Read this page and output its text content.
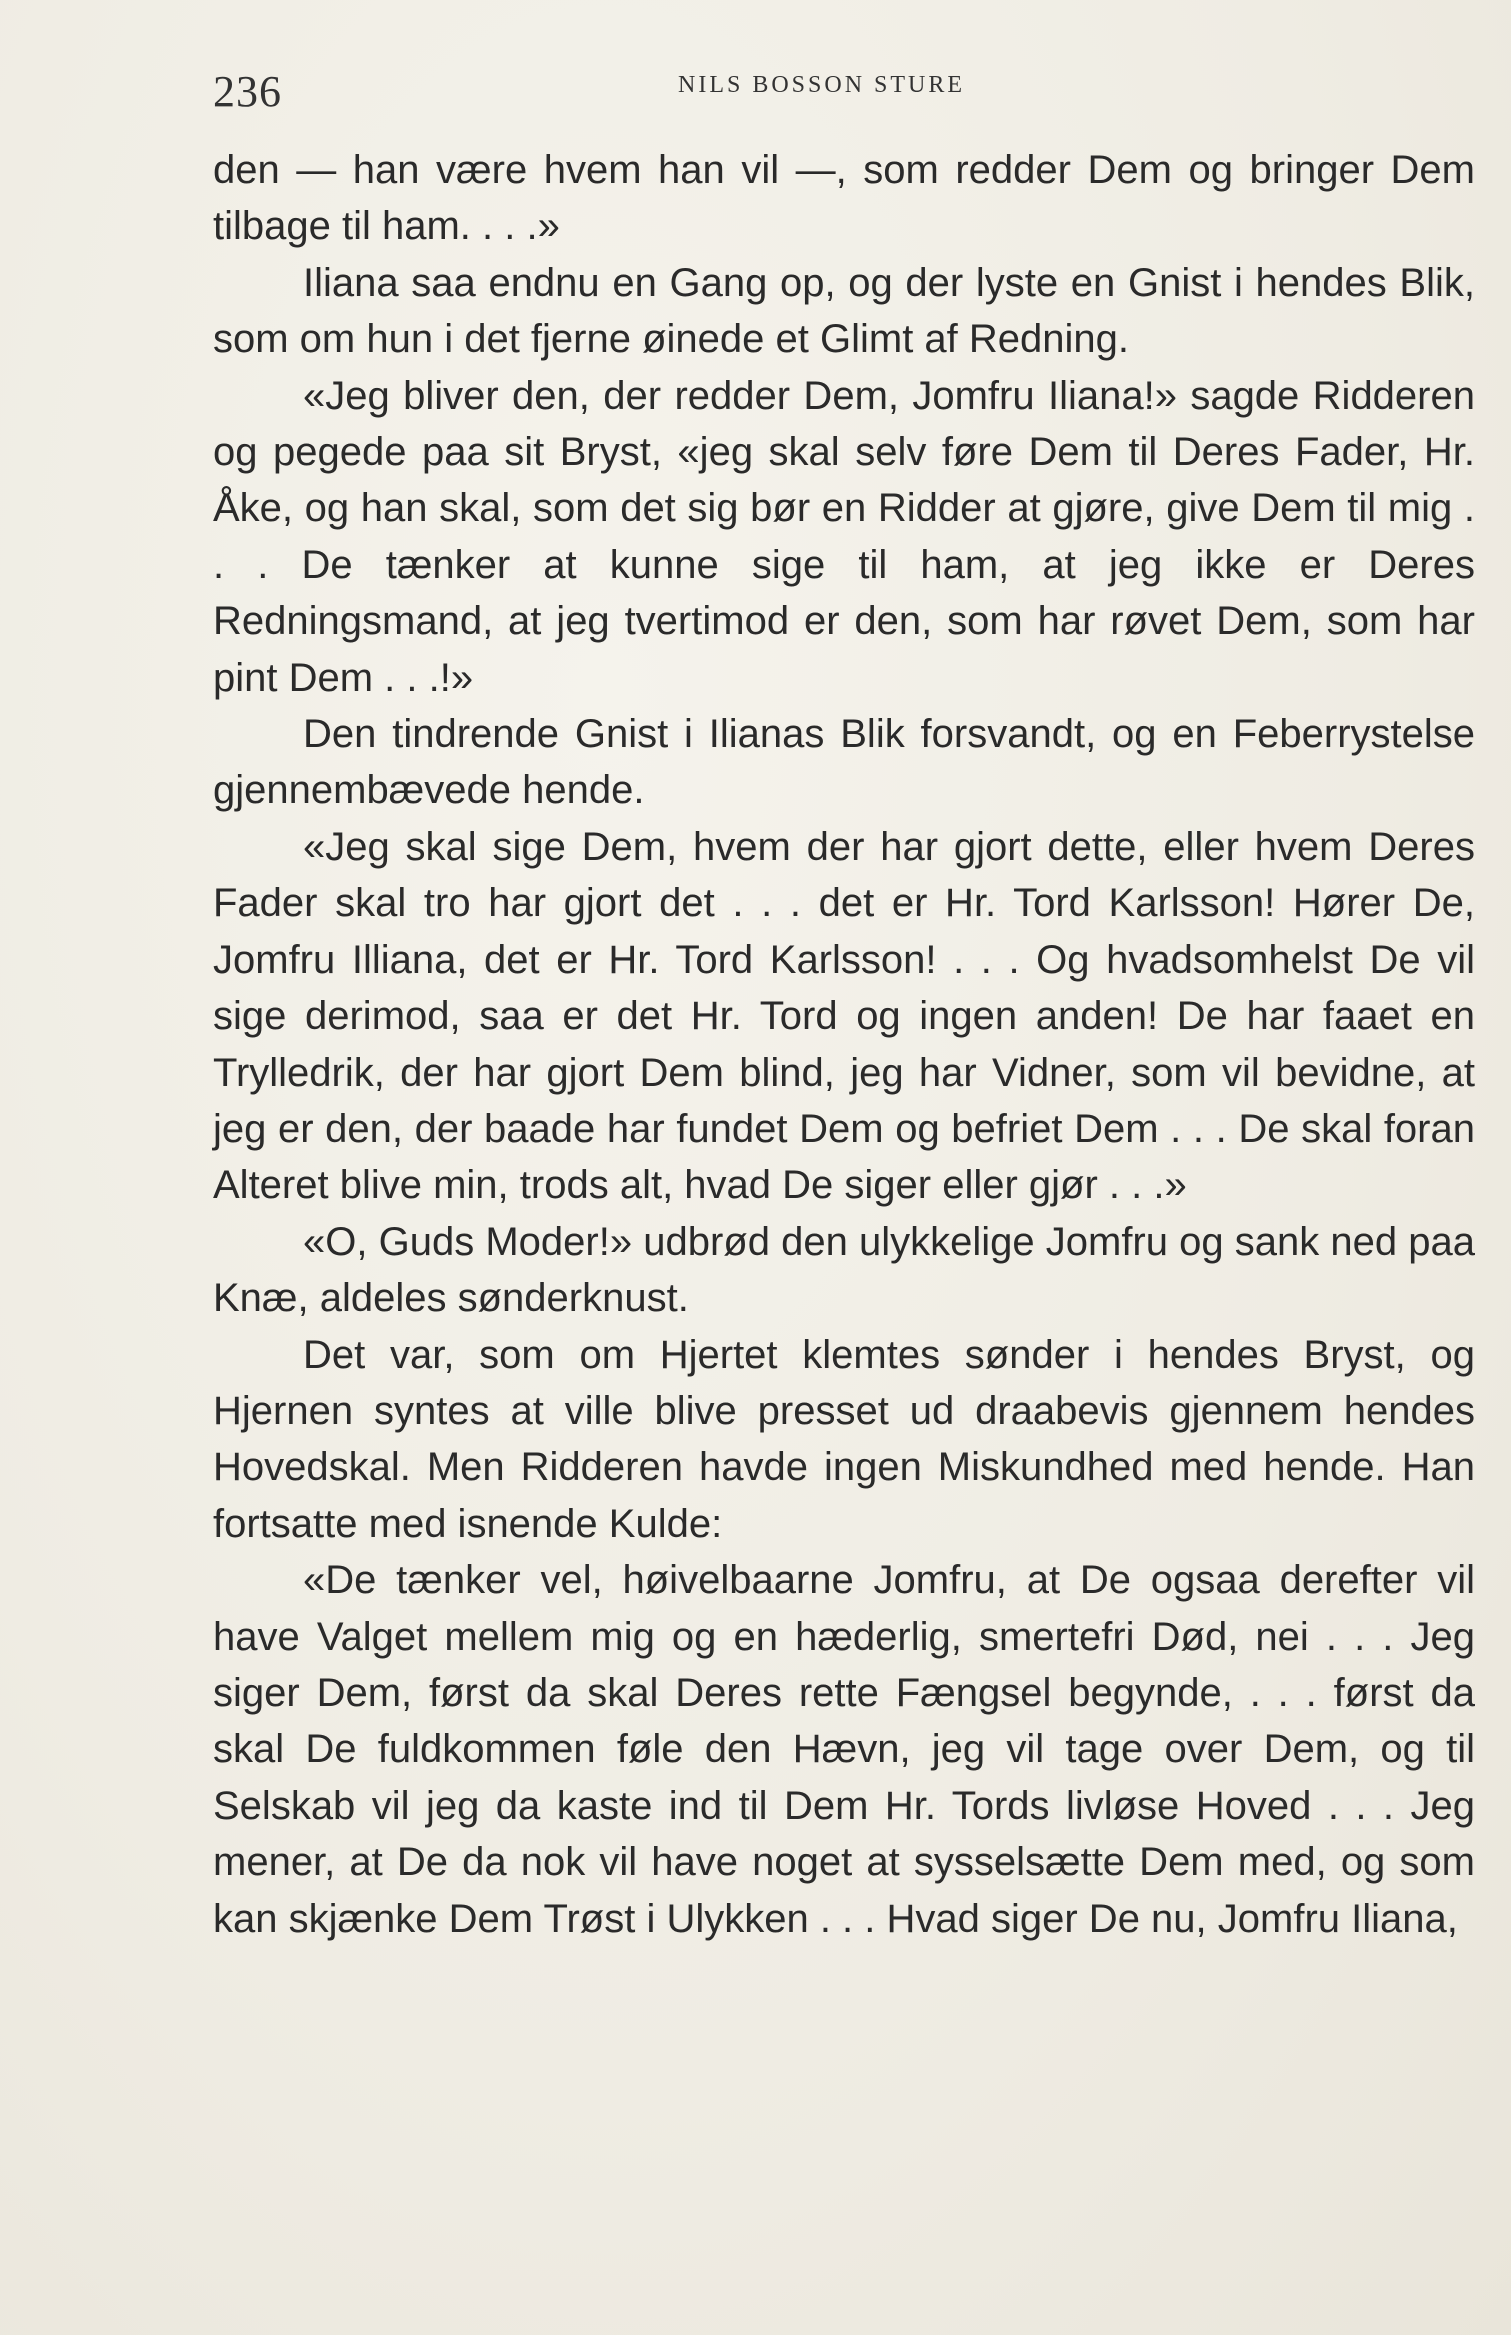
236	NILS BOSSON STURE

den — han være hvem han vil —, som redder Dem og bringer Dem tilbage til ham. . . .»

Iliana saa endnu en Gang op, og der lyste en Gnist i hendes Blik, som om hun i det fjerne øinede et Glimt af Redning.

«Jeg bliver den, der redder Dem, Jomfru Iliana!» sagde Ridderen og pegede paa sit Bryst, «jeg skal selv føre Dem til Deres Fader, Hr. Åke, og han skal, som det sig bør en Ridder at gjøre, give Dem til mig . . . De tænker at kunne sige til ham, at jeg ikke er Deres Redningsmand, at jeg tvertimod er den, som har røvet Dem, som har pint Dem . . .!»

Den tindrende Gnist i Ilianas Blik forsvandt, og en Feberrystelse gjennembævede hende.

«Jeg skal sige Dem, hvem der har gjort dette, eller hvem Deres Fader skal tro har gjort det . . . det er Hr. Tord Karlsson! Hører De, Jomfru Illiana, det er Hr. Tord Karlsson! . . . Og hvadsomhelst De vil sige derimod, saa er det Hr. Tord og ingen anden! De har faaet en Trylledrik, der har gjort Dem blind, jeg har Vidner, som vil bevidne, at jeg er den, der baade har fundet Dem og befriet Dem . . . De skal foran Alteret blive min, trods alt, hvad De siger eller gjør . . .»

«O, Guds Moder!» udbrød den ulykkelige Jomfru og sank ned paa Knæ, aldeles sønderknust.

Det var, som om Hjertet klemtes sønder i hendes Bryst, og Hjernen syntes at ville blive presset ud draabevis gjennem hendes Hovedskal. Men Ridderen havde ingen Miskundhed med hende. Han fortsatte med isnende Kulde:

«De tænker vel, høivelbaarne Jomfru, at De ogsaa derefter vil have Valget mellem mig og en hæderlig, smertefri Død, nei . . . Jeg siger Dem, først da skal Deres rette Fængsel begynde, . . . først da skal De fuldkommen føle den Hævn, jeg vil tage over Dem, og til Selskab vil jeg da kaste ind til Dem Hr. Tords livløse Hoved . . . Jeg mener, at De da nok vil have noget at sysselsætte Dem med, og som kan skjænke Dem Trøst i Ulykken . . . Hvad siger De nu, Jomfru Iliana,
